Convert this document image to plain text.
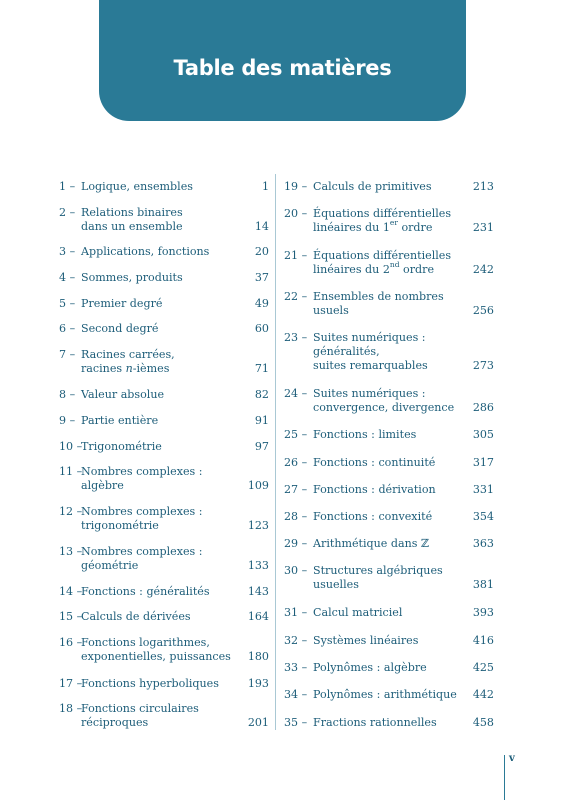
Table des matières
1 – Logique, ensembles	1
2 – Relations binaires
dans un ensemble	14
3 – Applications, fonctions	20
4 – Sommes, produits	37
5 – Premier degré	49
6 – Second degré	60
7 – Racines carrées,
racines n-ièmes	71
8 – Valeur absolue	82
9 – Partie entière	91
10 –
Trigonométrie	97
11 –
Nombres complexes :
algèbre	109
12 –
Nombres complexes :
trigonométrie	123
13 –
Nombres complexes :
géométrie	133
14 –
Fonctions : généralités	143
15 –
Calculs de dérivées	164
16 –
Fonctions logarithmes,
exponentielles, puissances 180
17 –
Fonctions hyperboliques	193
18 –
Fonctions circulaires
réciproques	201
19 – Calculs de primitives	213
20 – Équations différentielles
linéaires du 1er ordre	231
21 – Équations différentielles
linéaires du 2nd ordre	242
22 – Ensembles de nombres
usuels	256
23 – Suites numériques :
généralités,
suites remarquables	273
24 – Suites numériques :
convergence, divergence 286
25 – Fonctions : limites	305
26 – Fonctions : continuité	317
27 – Fonctions : dérivation	331
28 – Fonctions : convexité	354
29 – Arithmétique dans ℤ	363
30 – Structures algébriques
usuelles	381
31 – Calcul matriciel	393
32 – Systèmes linéaires	416
33 – Polynômes : algèbre	425
34 – Polynômes : arithmétique 442
35 – Fractions rationnelles	458
v
